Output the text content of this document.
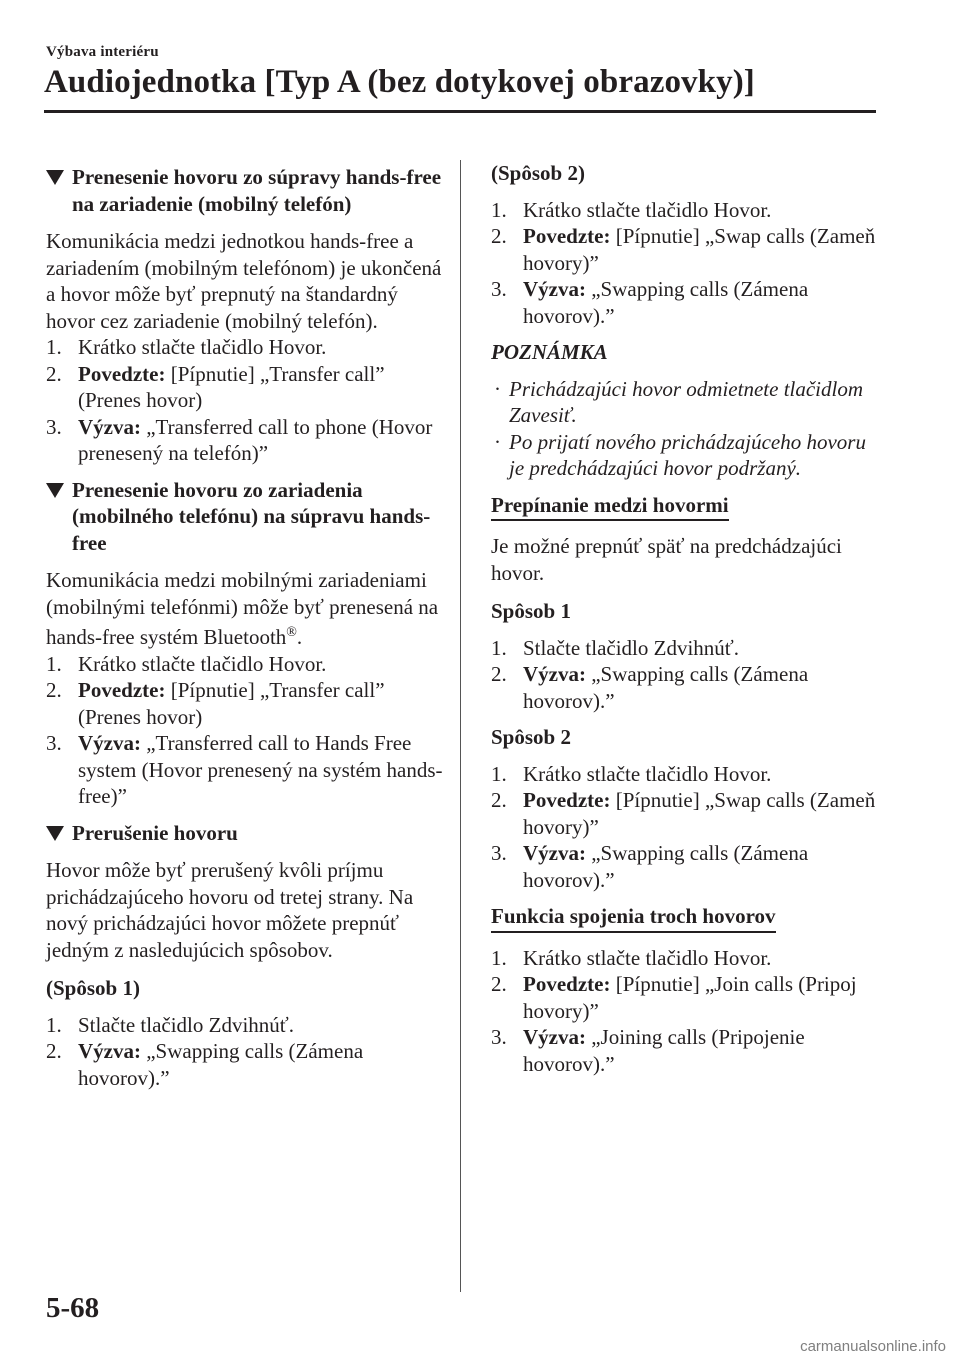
Výbava interiéru
Audiojednotka [Typ A (bez dotykovej obrazovky)]
Prenesenie hovoru zo súpravy hands-free na zariadenie (mobilný telefón)

Komunikácia medzi jednotkou hands-free a zariadením (mobilným telefónom) je ukončená a hovor môže byť prepnutý na štandardný hovor cez zariadenie (mobilný telefón).

1. Krátko stlačte tlačidlo Hovor.
2. Povedzte: [Pípnutie] „Transfer call” (Prenes hovor)
3. Výzva: „Transferred call to phone (Hovor prenesený na telefón)”
Prenesenie hovoru zo zariadenia (mobilného telefónu) na súpravu hands-free

Komunikácia medzi mobilnými zariadeniami (mobilnými telefónmi) môže byť prenesená na hands-free systém Bluetooth®.

1. Krátko stlačte tlačidlo Hovor.
2. Povedzte: [Pípnutie] „Transfer call” (Prenes hovor)
3. Výzva: „Transferred call to Hands Free system (Hovor prenesený na systém hands-free)”
Prerušenie hovoru

Hovor môže byť prerušený kvôli príjmu prichádzajúceho hovoru od tretej strany. Na nový prichádzajúci hovor môžete prepnúť jedným z nasledujúcich spôsobov.

(Spôsob 1)
1. Stlačte tlačidlo Zdvihnúť.
2. Výzva: „Swapping calls (Zámena hovorov).”
(Spôsob 2)
1. Krátko stlačte tlačidlo Hovor.
2. Povedzte: [Pípnutie] „Swap calls (Zameň hovory)”
3. Výzva: „Swapping calls (Zámena hovorov).”
POZNÁMKA
· Prichádzajúci hovor odmietnete tlačidlom Zavesiť.
· Po prijatí nového prichádzajúceho hovoru je predchádzajúci hovor podržaný.
Prepínanie medzi hovormi

Je možné prepnúť späť na predchádzajúci hovor.

Spôsob 1
1. Stlačte tlačidlo Zdvihnúť.
2. Výzva: „Swapping calls (Zámena hovorov).”
Spôsob 2
1. Krátko stlačte tlačidlo Hovor.
2. Povedzte: [Pípnutie] „Swap calls (Zameň hovory)”
3. Výzva: „Swapping calls (Zámena hovorov).”
Funkcia spojenia troch hovorov
1. Krátko stlačte tlačidlo Hovor.
2. Povedzte: [Pípnutie] „Join calls (Pripoj hovory)”
3. Výzva: „Joining calls (Pripojenie hovorov).”
5-68
carmanualsonline.info
